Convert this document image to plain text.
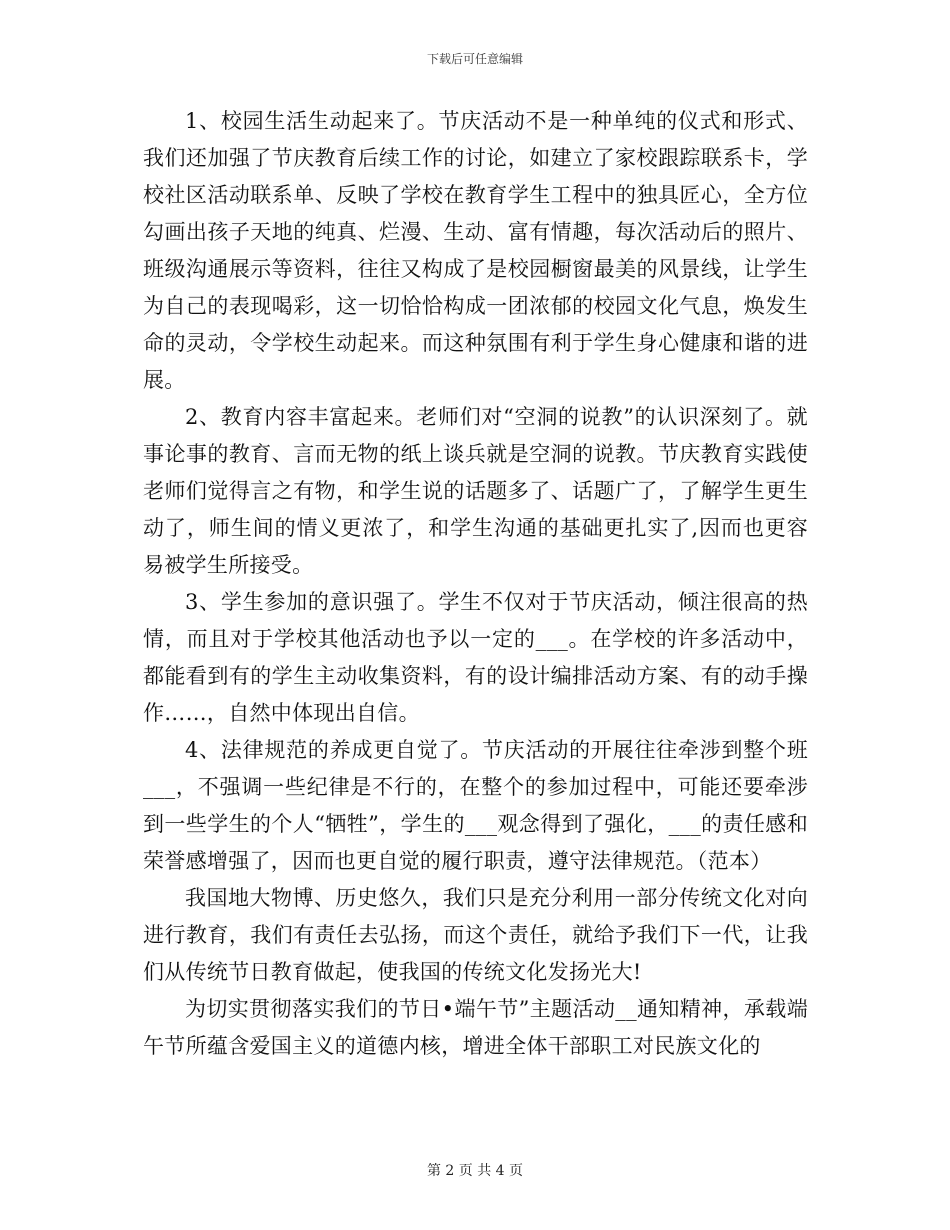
下载后可任意编辑

1、校园生活生动起来了。节庆活动不是一种单纯的仪式和形式、我们还加强了节庆教育后续工作的讨论，如建立了家校跟踪联系卡，学校社区活动联系单、反映了学校在教育学生工程中的独具匠心，全方位勾画出孩子天地的纯真、烂漫、生动、富有情趣，每次活动后的照片、班级沟通展示等资料，往往又构成了是校园橱窗最美的风景线，让学生为自己的表现喝彩，这一切恰恰构成一团浓郁的校园文化气息，焕发生命的灵动，令学校生动起来。而这种氛围有利于学生身心健康和谐的进展。

2、教育内容丰富起来。老师们对“空洞的说教”的认识深刻了。就事论事的教育、言而无物的纸上谈兵就是空洞的说教。节庆教育实践使老师们觉得言之有物，和学生说的话题多了、话题广了，了解学生更生动了，师生间的情义更浓了，和学生沟通的基础更扎实了,因而也更容易被学生所接受。

3、学生参加的意识强了。学生不仅对于节庆活动，倾注很高的热情，而且对于学校其他活动也予以一定的___。在学校的许多活动中，都能看到有的学生主动收集资料，有的设计编排活动方案、有的动手操作……，自然中体现出自信。

4、法律规范的养成更自觉了。节庆活动的开展往往牵涉到整个班___，不强调一些纪律是不行的，在整个的参加过程中，可能还要牵涉到一些学生的个人“牺牲”，学生的___观念得到了强化，___的责任感和荣誉感增强了，因而也更自觉的履行职责，遵守法律规范。（范本）

我国地大物博、历史悠久，我们只是充分利用一部分传统文化对向进行教育，我们有责任去弘扬，而这个责任，就给予我们下一代，让我们从传统节日教育做起，使我国的传统文化发扬光大!

为切实贯彻落实我们的节日•端午节”主题活动__通知精神，承载端午节所蕴含爱国主义的道德内核，增进全体干部职工对民族文化的

第 2 页 共 4 页
